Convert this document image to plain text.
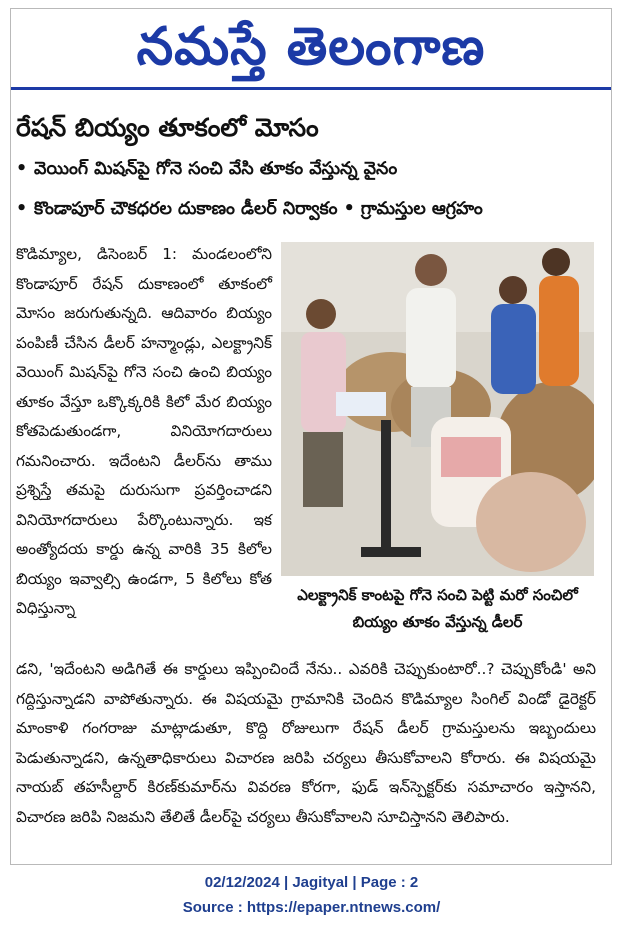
నమస్తే తెలంగాణ
రేషన్ బియ్యం తూకంలో మోసం
• వెయింగ్ మిషన్‌పై గోనె సంచి వేసి తూకం వేస్తున్న వైనం
• కొండాపూర్ చౌకధరల దుకాణం డీలర్ నిర్వాకం • గ్రామస్తుల ఆగ్రహం

కొడిమ్యాల, డిసెంబర్ 1: మండలంలోని కొండాపూర్ రేషన్ దుకాణంలో తూకంలో మోసం జరుగుతున్నది. ఆదివారం బియ్యం పంపిణీ చేసిన డీలర్ హన్మాండ్లు, ఎలక్ట్రానిక్ వెయింగ్ మిషన్‌పై గోనె సంచి ఉంచి బియ్యం తూకం వేస్తూ ఒక్కొక్కరికి కిలో మేర బియ్యం కోతపెడుతుండగా, వినియోగదారులు గమనించారు. ఇదేంటని డీలర్‌ను తాము ప్రశ్నిస్తే తమపై దురుసుగా ప్రవర్తించాడని వినియోగదారులు పేర్కొంటున్నారు. ఇక అంత్యోదయ కార్డు ఉన్న వారికి 35 కిలోల బియ్యం ఇవ్వాల్సి ఉండగా, 5 కిలోలు కోత విధిస్తున్నా

ఎలక్ట్రానిక్ కాంటపై గోనె సంచి పెట్టి మరో సంచిలో బియ్యం తూకం వేస్తున్న డీలర్

డని, 'ఇదేంటని అడిగితే ఈ కార్డులు ఇప్పించిందే నేను.. ఎవరికి చెప్పుకుంటారో..? చెప్పుకోండి' అని గద్దిస్తున్నాడని వాపోతున్నారు. ఈ విషయమై గ్రామానికి చెందిన కొడిమ్యాల సింగిల్ విండో డైరెక్టర్ మాంకాళి గంగరాజు మాట్లాడుతూ, కొద్ది రోజులుగా రేషన్ డీలర్ గ్రామస్తులను ఇబ్బందులు పెడుతున్నాడని, ఉన్నతాధికారులు విచారణ జరిపి చర్యలు తీసుకోవాలని కోరారు. ఈ విషయమై నాయబ్ తహసీల్దార్ కిరణ్‌కుమార్‌ను వివరణ కోరగా, ఫుడ్ ఇన్‌స్పెక్టర్‌కు సమాచారం ఇస్తానని, విచారణ జరిపి నిజమని తేలితే డీలర్‌పై చర్యలు తీసుకోవాలని సూచిస్తానని తెలిపారు.

02/12/2024 | Jagityal | Page : 2
Source : https://epaper.ntnews.com/
